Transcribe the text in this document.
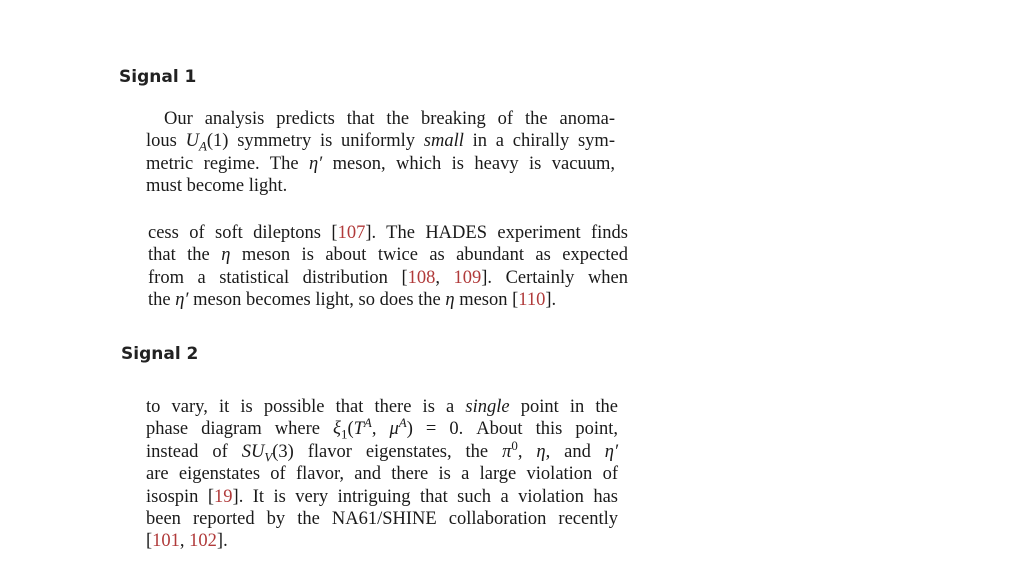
Signal 1
Our analysis predicts that the breaking of the anoma-
lous $U_A(1)$ symmetry is uniformly small in a chirally sym-
metric regime. The η′ meson, which is heavy is vacuum,
must become light.
cess of soft dileptons [107]. The HADES experiment finds
that the η meson is about twice as abundant as expected
from a statistical distribution [108, 109]. Certainly when
the η′ meson becomes light, so does the η meson [110].
Signal 2
to vary, it is possible that there is a single point in the
phase diagram where $\xi_1(T^A$, $\mu^A) = 0$. About this point,
instead of $SU_V(3)$ flavor eigenstates, the $\pi^0$, η, and η′
are eigenstates of flavor, and there is a large violation of
isospin [19]. It is very intriguing that such a violation has
been reported by the NA61/SHINE collaboration recently
[101, 102].
